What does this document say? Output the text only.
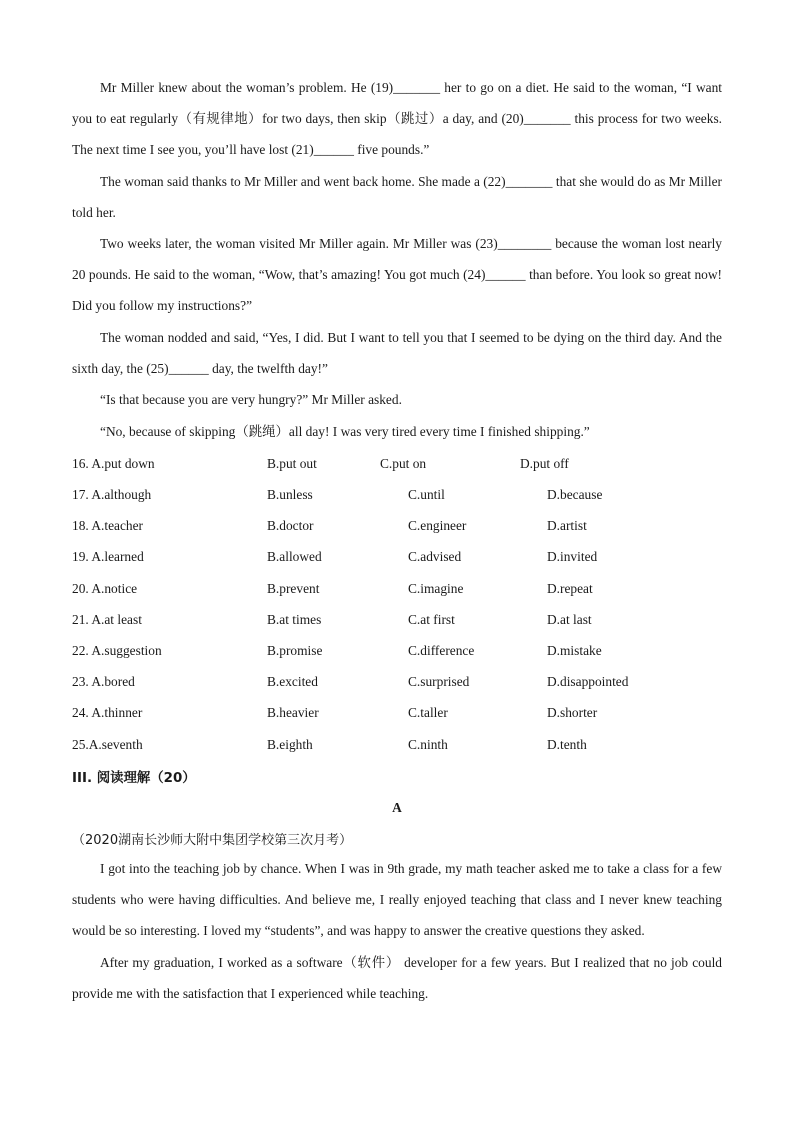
Mr Miller knew about the woman’s problem. He (19)_______ her to go on a diet. He said to the woman, “I want you to eat regularly（有规律地）for two days, then skip（跳过）a day, and (20)_______ this process for two weeks. The next time I see you, you’ll have lost (21)______ five pounds.”

The woman said thanks to Mr Miller and went back home. She made a (22)_______ that she would do as Mr Miller told her.

Two weeks later, the woman visited Mr Miller again. Mr Miller was (23)________ because the woman lost nearly 20 pounds. He said to the woman, “Wow, that’s amazing! You got much (24)______ than before. You look so great now! Did you follow my instructions?”

The woman nodded and said, “Yes, I did. But I want to tell you that I seemed to be dying on the third day. And the sixth day, the (25)______ day, the twelfth day!”

“Is that because you are very hungry?” Mr Miller asked.

“No, because of skipping（跳绳）all day! I was very tired every time I finished shipping.”

16. A.put down	B.put out	C.put on	D.put off
17. A.although	B.unless	C.until	D.because
18. A.teacher	B.doctor	C.engineer	D.artist
19. A.learned	B.allowed	C.advised	D.invited
20. A.notice	B.prevent	C.imagine	D.repeat
21. A.at least	B.at times	C.at first	D.at last
22. A.suggestion	B.promise	C.difference	D.mistake
23. A.bored	B.excited	C.surprised	D.disappointed
24. A.thinner	B.heavier	C.taller	D.shorter
25.A.seventh	B.eighth	C.ninth	D.tenth
III. 阅读理解（20）
A
（2020湖南长沙师大附中集团学校第三次月考）

I got into the teaching job by chance. When I was in 9th grade, my math teacher asked me to take a class for a few students who were having difficulties. And believe me, I really enjoyed teaching that class and I never knew teaching would be so interesting. I loved my “students”, and was happy to answer the creative questions they asked.

After my graduation, I worked as a software（软件） developer for a few years. But I realized that no job could provide me with the satisfaction that I experienced while teaching.
